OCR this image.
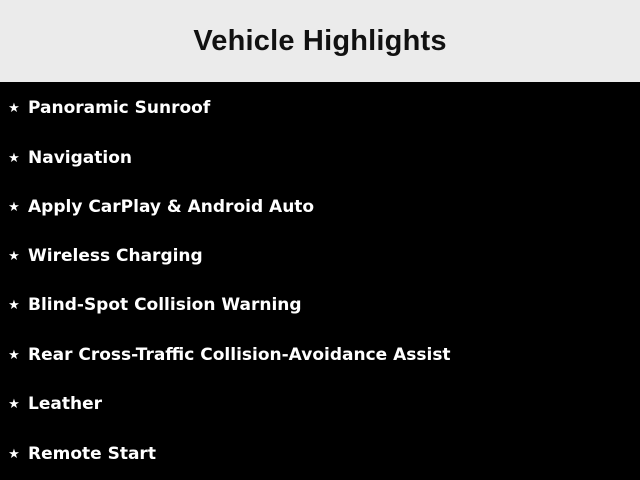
Vehicle Highlights
★ Panoramic Sunroof
★ Navigation
★ Apply CarPlay & Android Auto
★ Wireless Charging
★ Blind-Spot Collision Warning
★ Rear Cross-Traffic Collision-Avoidance Assist
★ Leather
★ Remote Start
